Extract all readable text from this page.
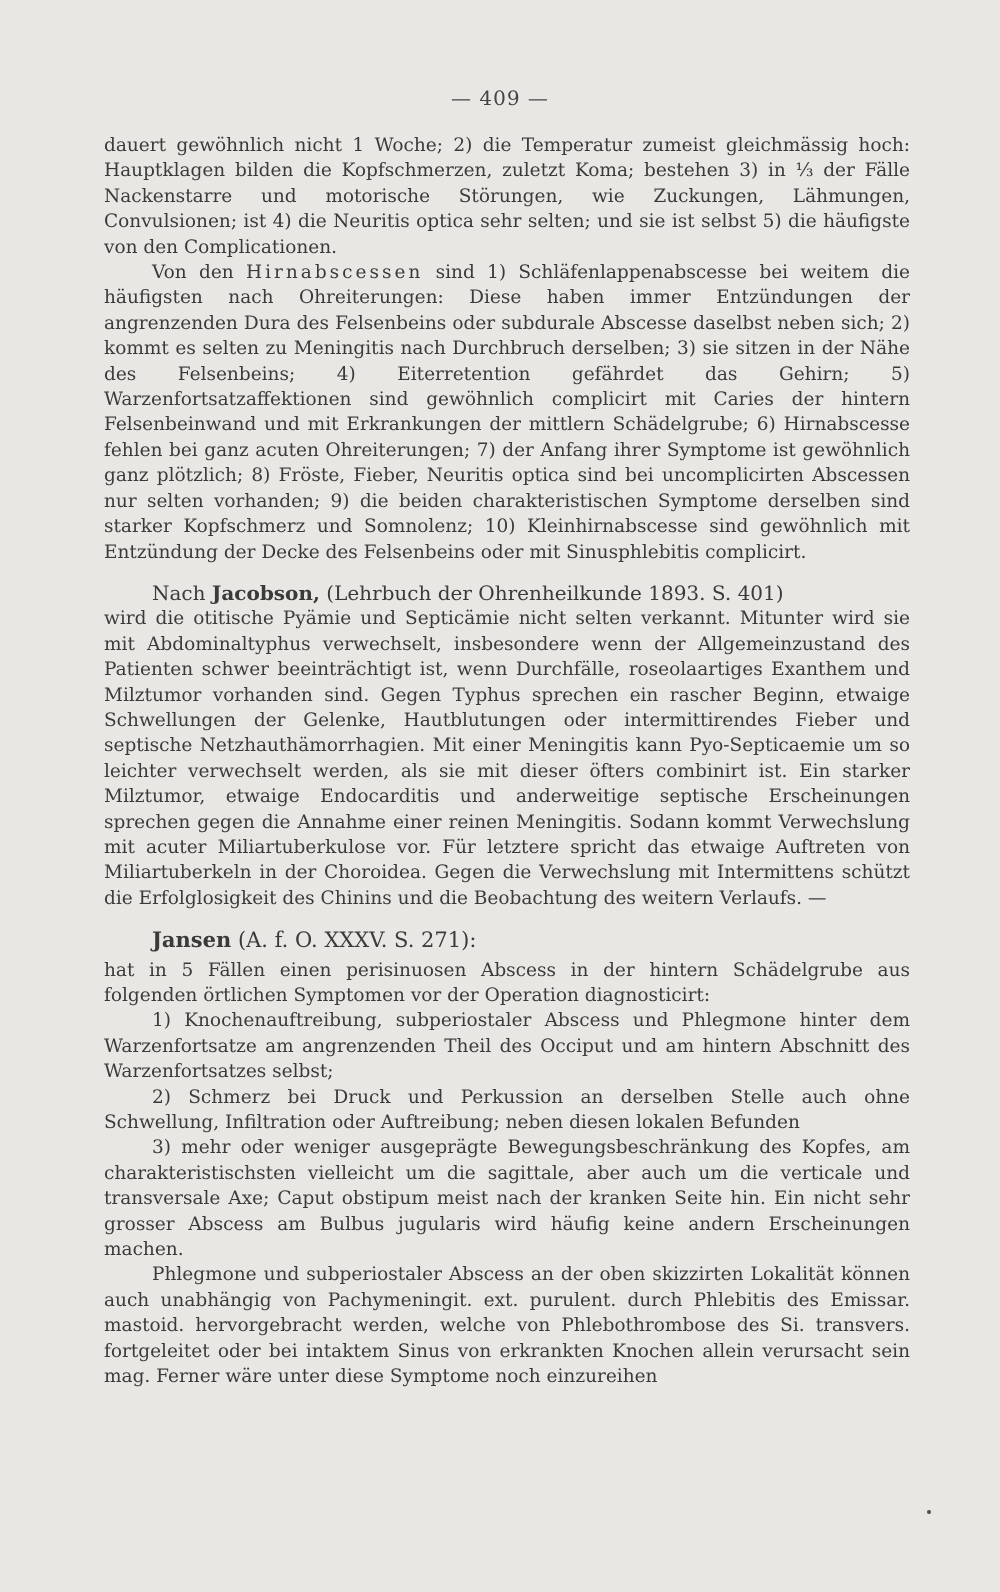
— 409 —

dauert gewöhnlich nicht 1 Woche; 2) die Temperatur zumeist gleichmässig hoch: Hauptklagen bilden die Kopfschmerzen, zuletzt Koma; bestehen 3) in ⅓ der Fälle Nackenstarre und motorische Störungen, wie Zuckungen, Lähmungen, Convulsionen; ist 4) die Neuritis optica sehr selten; und sie ist selbst 5) die häufigste von den Complicationen.

Von den Hirnabscessen sind 1) Schläfenlappenabscesse bei weitem die häufigsten nach Ohreiterungen: Diese haben immer Entzündungen der angrenzenden Dura des Felsenbeins oder subdurale Abscesse daselbst neben sich; 2) kommt es selten zu Meningitis nach Durchbruch derselben; 3) sie sitzen in der Nähe des Felsenbeins; 4) Eiterretention gefährdet das Gehirn; 5) Warzenfortsatzaffektionen sind gewöhnlich complicirt mit Caries der hintern Felsenbeinwand und mit Erkrankungen der mittlern Schädelgrube; 6) Hirnabscesse fehlen bei ganz acuten Ohreiterungen; 7) der Anfang ihrer Symptome ist gewöhnlich ganz plötzlich; 8) Fröste, Fieber, Neuritis optica sind bei uncomplicirten Abscessen nur selten vorhanden; 9) die beiden charakteristischen Symptome derselben sind starker Kopfschmerz und Somnolenz; 10) Kleinhirnabscesse sind gewöhnlich mit Entzündung der Decke des Felsenbeins oder mit Sinusphlebitis complicirt.

Nach Jacobson, (Lehrbuch der Ohrenheilkunde 1893. S. 401)

wird die otitische Pyämie und Septicämie nicht selten verkannt. Mitunter wird sie mit Abdominaltyphus verwechselt, insbesondere wenn der Allgemeinzustand des Patienten schwer beeinträchtigt ist, wenn Durchfälle, roseolaartiges Exanthem und Milztumor vorhanden sind. Gegen Typhus sprechen ein rascher Beginn, etwaige Schwellungen der Gelenke, Hautblutungen oder intermittirendes Fieber und septische Netzhauthämorrhagien. Mit einer Meningitis kann Pyo-Septicaemie um so leichter verwechselt werden, als sie mit dieser öfters combinirt ist. Ein starker Milztumor, etwaige Endocarditis und anderweitige septische Erscheinungen sprechen gegen die Annahme einer reinen Meningitis. Sodann kommt Verwechslung mit acuter Miliartuberkulose vor. Für letztere spricht das etwaige Auftreten von Miliartuberkeln in der Choroidea. Gegen die Verwechslung mit Intermittens schützt die Erfolglosigkeit des Chinins und die Beobachtung des weitern Verlaufs. —

Jansen (A. f. O. XXXV. S. 271):

hat in 5 Fällen einen perisinuosen Abscess in der hintern Schädelgrube aus folgenden örtlichen Symptomen vor der Operation diagnosticirt:

1) Knochenauftreibung, subperiostaler Abscess und Phlegmone hinter dem Warzenfortsatze am angrenzenden Theil des Occiput und am hintern Abschnitt des Warzenfortsatzes selbst;

2) Schmerz bei Druck und Perkussion an derselben Stelle auch ohne Schwellung, Infiltration oder Auftreibung; neben diesen lokalen Befunden

3) mehr oder weniger ausgeprägte Bewegungsbeschränkung des Kopfes, am charakteristischsten vielleicht um die sagittale, aber auch um die verticale und transversale Axe; Caput obstipum meist nach der kranken Seite hin. Ein nicht sehr grosser Abscess am Bulbus jugularis wird häufig keine andern Erscheinungen machen.

Phlegmone und subperiostaler Abscess an der oben skizzirten Lokalität können auch unabhängig von Pachymeningit. ext. purulent. durch Phlebitis des Emissar. mastoid. hervorgebracht werden, welche von Phlebothrombose des Si. transvers. fortgeleitet oder bei intaktem Sinus von erkrankten Knochen allein verursacht sein mag. Ferner wäre unter diese Symptome noch einzureihen
